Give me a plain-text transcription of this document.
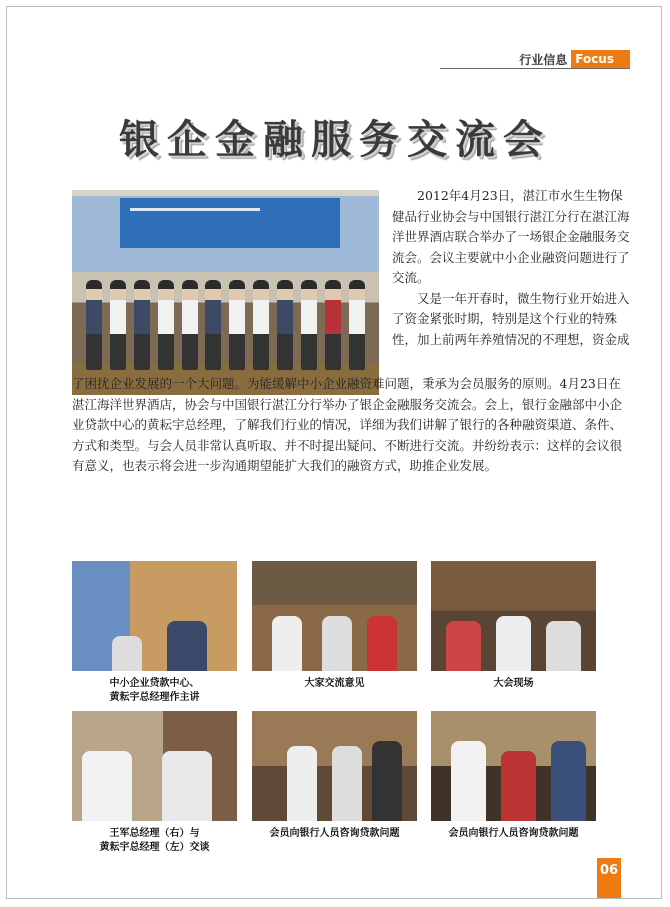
行业信息 Focus
银企金融服务交流会

2012年4月23日，湛江市水生生物保健品行业协会与中国银行湛江分行在湛江海洋世界酒店联合举办了一场银企金融服务交流会。会议主要就中小企业融资问题进行了交流。

又是一年开春时，微生物行业开始进入了资金紧张时期，特别是这个行业的特殊性，加上前两年养殖情况的不理想，资金成

了困扰企业发展的一个大问题。为能缓解中小企业融资难问题，秉承为会员服务的原则。4月23日在湛江海洋世界酒店，协会与中国银行湛江分行举办了银企金融服务交流会。会上，银行金融部中小企业贷款中心的黄耘宇总经理，了解我们行业的情况，详细为我们讲解了银行的各种融资渠道、条件、方式和类型。与会人员非常认真听取、并不时提出疑问、不断进行交流。并纷纷表示：这样的会议很有意义，也表示将会进一步沟通期望能扩大我们的融资方式，助推企业发展。

中小企业贷款中心、
黄耘宇总经理作主讲
大家交流意见	大会现场
王军总经理（右）与
黄耘宇总经理（左）交谈
会员向银行人员咨询贷款问题	会员向银行人员咨询贷款问题
06
